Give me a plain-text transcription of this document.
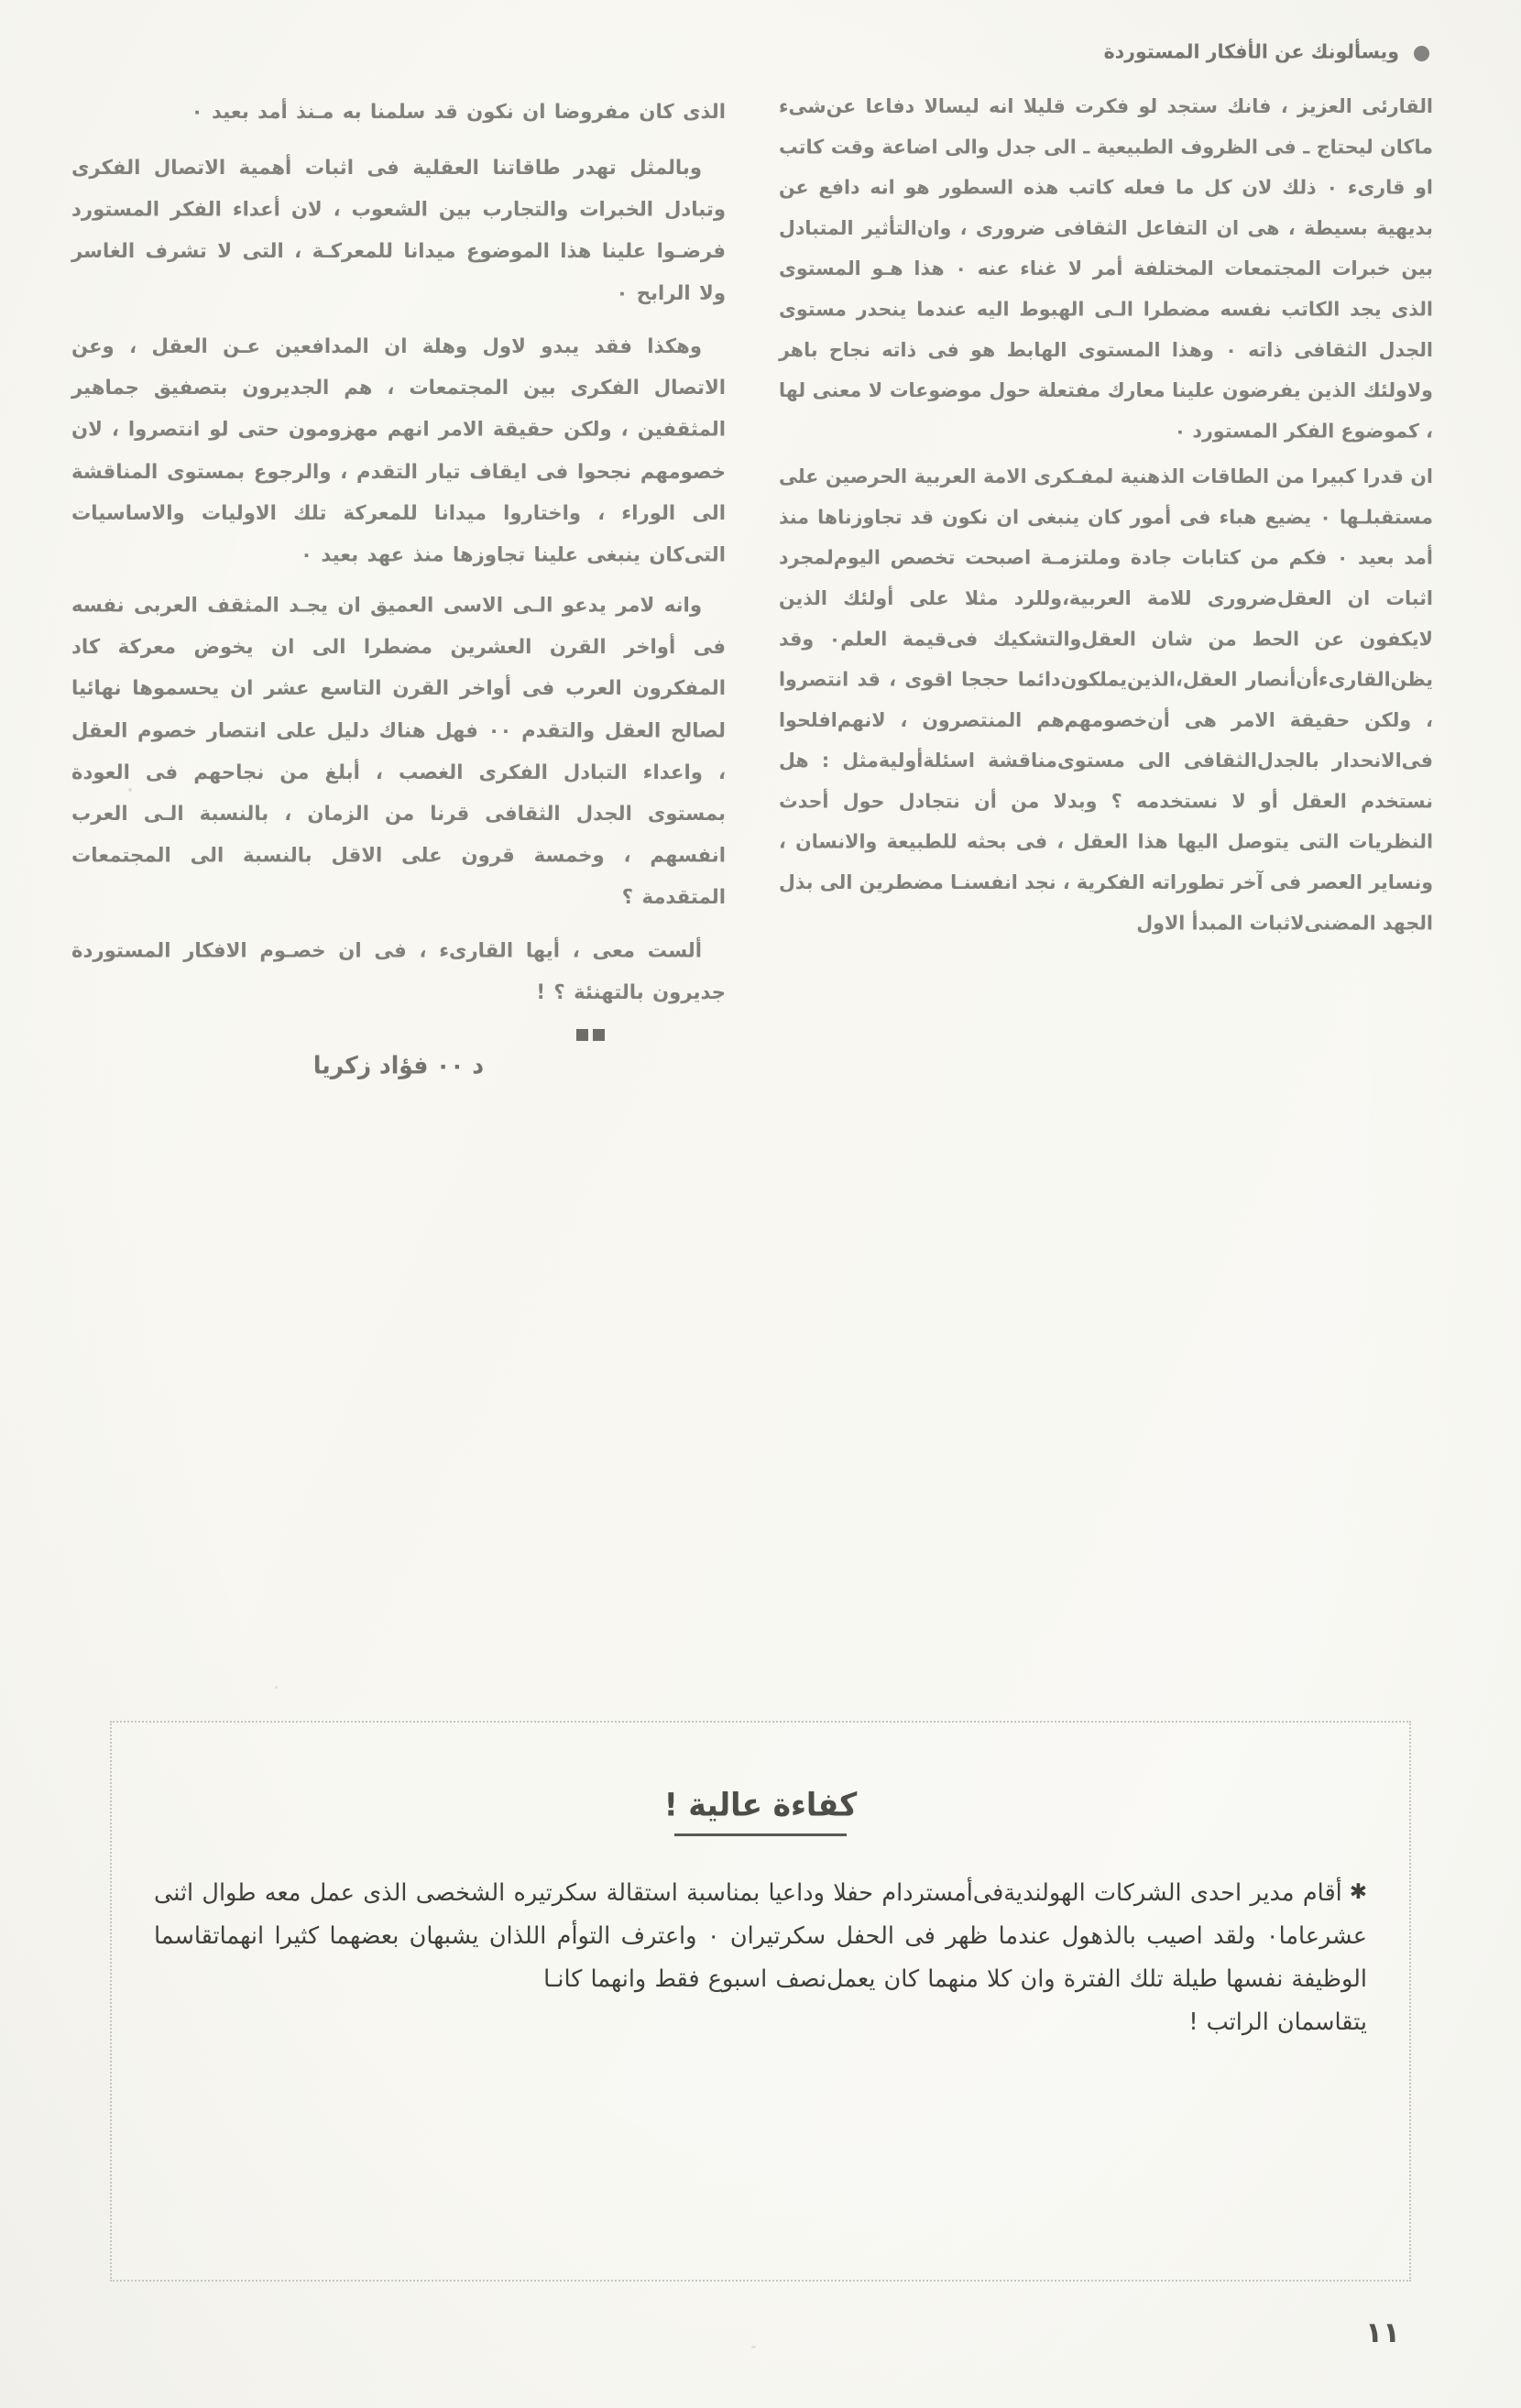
ويسألونك عن الأفكار المستوردة

القارئى العزيز ، فانك ستجد لو فكرت قليلا انه ليسالا دفاعا عن‌شىء ماكان ليحتاج ـ فى الظروف الطبيعية ـ الى جدل والى اضاعة وقت كاتب او قارىء ٠ ذلك لان كل ما فعله كاتب هذه السطور هو انه دافع عن بديهية بسيطة ، هى ان التفاعل الثقافى ضرورى ، وان‌التأثير المتبادل بين خبرات المجتمعات المختلفة أمر لا غناء عنه ٠ هذا هـو المستوى الذى يجد الكاتب نفسه مضطرا الـى الهبوط اليه عندما ينحدر مستوى الجدل الثقافى ذاته ٠ وهذا المستوى الهابط هو فى ذاته نجاح باهر ولاولئك الذين يفرضون علينا معارك مفتعلة حول موضوعات لا معنى لها ، كموضوع الفكر المستورد ٠

ان قدرا كبيرا من الطاقات الذهنية لمفـكرى الامة العربية الحرصين على مستقبلـها ٠ يضيع هباء فى أمور كان ينبغى ان نكون قد تجاوزناها منذ أمد بعيد ٠ فكم من كتابات جادة وملتزمـة اصبحت تخصص اليوم‌لمجرد اثبات ان العقل‌ضرورى للامة العربية،وللرد مثلا على أولئك الذين لايكفون عن الحط من شان العقل‌والتشكيك فى‌قيمة العلم٠ وقد يظن‌القارى‌ءأن‌أنصار العقل،الذين‌يملكون‌دائما حججا اقوى ، قد انتصروا ، ولكن حقيقة الامر هى أن‌خصومهم‌هم المنتصرون ، لانهم‌افلحوا فى‌الانحدار بالجدل‌الثقافى الى مستوى‌مناقشة اسئلة‌أولية‌مثل : هل نستخدم العقل أو لا نستخدمه ؟ وبدلا من أن نتجادل حول أحدث النظريات التى يتوصل اليها هذا العقل ، فى بحثه للطبيعة والانسان ، ونساير العصر فى آخر تطوراته الفكرية ، نجد انفسنـا مضطرين الى بذل الجهد المضنى‌لاثبات المبدأ الاول

الذى كان مفروضا ان نكون قد سلمنا به مـنذ أمد بعيد ٠

وبالمثل تهدر طاقاتنا العقلية فى اثبات أهمية الاتصال الفكرى وتبادل الخبرات والتجارب بين الشعوب ، لان أعداء الفكر المستورد فرضـوا علينا هذا الموضوع ميدانا للمعركـة ، التى لا تشرف الغاسر ولا الرابح ٠

وهكذا فقد يبدو لاول وهلة ان المدافعين عـن العقل ، وعن الاتصال الفكرى بين المجتمعات ، هم الجديرون بتصفيق جماهير المثقفين ، ولكن حقيقة الامر انهم مهزومون حتى لو انتصروا ، لان خصومهم نجحوا فى ايقاف تيار التقدم ، والرجوع بمستوى المناقشة الى الوراء ، واختاروا ميدانا للمعركة تلك الاوليات والاساسيات التى‌كان ينبغى علينا تجاوزها منذ عهد بعيد ٠

وانه لامر يدعو الـى الاسى العميق ان يجـد المثقف العربى نفسه فى أواخر القرن العشرين مضطرا الى ان يخوض معركة كاد المفكرون العرب فى أواخر القرن التاسع عشر ان يحسموها نهائيا لصالح العقل والتقدم ٠٠ فهل هناك دليل على انتصار خصوم العقل ، واعداء التبادل الفكرى الغصب ، أبلغ من نجاحهم فى العودة بمستوى الجدل الثقافى قرنا من الزمان ، بالنسبة الـى العرب انفسهم ، وخمسة قرون على الاقل بالنسبة الى المجتمعات المتقدمة ؟

ألست معى ، أيها القارىء ، فى ان خصـوم الافكار المستوردة جديرون بالتهنئة ؟ !

د ٠٠ فؤاد زكريا
كفاءة عالية !
✱أقام مدير احدى الشركات الهولندية‌فى‌أمستردام حفلا وداعيا بمناسبة استقالة سكرتيره الشخصى الذى عمل معه طوال اثنى عشر‌عاما٠ ولقد اصيب بالذهول عندما ظهر فى الحفل سكرتيران ٠ واعترف التوأم اللذان يشبهان بعضهما كثيرا انهماتقاسما الوظيفة نفسها طيلة تلك الفترة وان كلا منهما كان يعمل‌نصف اسبوع فقط وانهما كانـا
يتقاسمان الراتب !
١١
